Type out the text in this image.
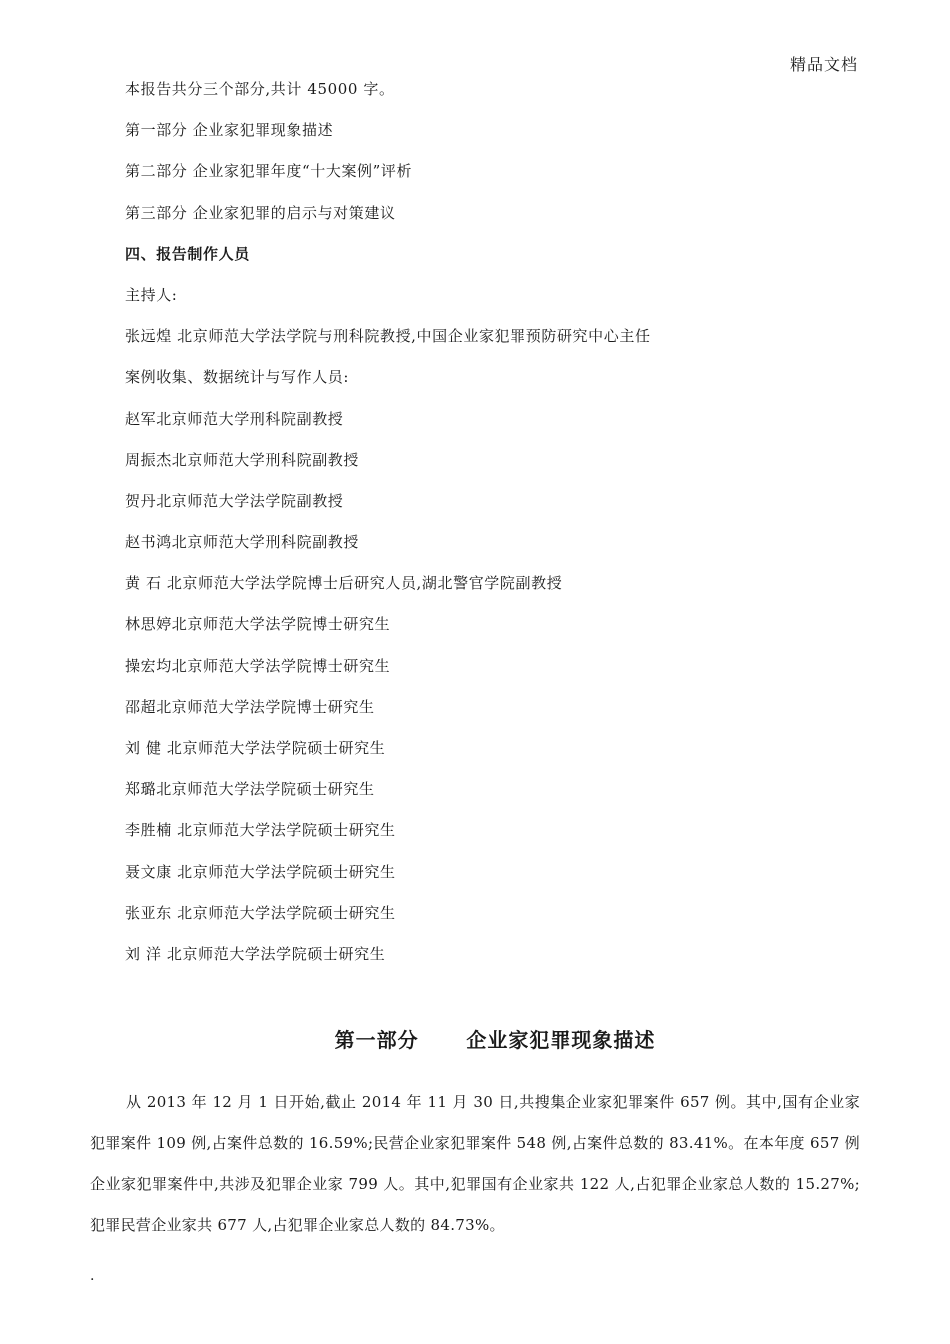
精品文档
本报告共分三个部分,共计 45000 字。
第一部分 企业家犯罪现象描述
第二部分 企业家犯罪年度“十大案例”评析
第三部分 企业家犯罪的启示与对策建议
四、报告制作人员
主持人:
张远煌 北京师范大学法学院与刑科院教授,中国企业家犯罪预防研究中心主任
案例收集、数据统计与写作人员:
赵军北京师范大学刑科院副教授
周振杰北京师范大学刑科院副教授
贺丹北京师范大学法学院副教授
赵书鸿北京师范大学刑科院副教授
黄 石 北京师范大学法学院博士后研究人员,湖北警官学院副教授
林思婷北京师范大学法学院博士研究生
操宏均北京师范大学法学院博士研究生
邵超北京师范大学法学院博士研究生
刘 健 北京师范大学法学院硕士研究生
郑璐北京师范大学法学院硕士研究生
李胜楠 北京师范大学法学院硕士研究生
聂文康 北京师范大学法学院硕士研究生
张亚东 北京师范大学法学院硕士研究生
刘 洋 北京师范大学法学院硕士研究生
第一部分      企业家犯罪现象描述
从 2013 年 12 月 1 日开始,截止 2014 年 11 月 30 日,共搜集企业家犯罪案件 657 例。其中,国有企业家犯罪案件 109 例,占案件总数的 16.59%;民营企业家犯罪案件 548 例,占案件总数的 83.41%。在本年度 657 例企业家犯罪案件中,共涉及犯罪企业家 799 人。其中,犯罪国有企业家共 122 人,占犯罪企业家总人数的 15.27%;犯罪民营企业家共 677 人,占犯罪企业家总人数的 84.73%。
.
